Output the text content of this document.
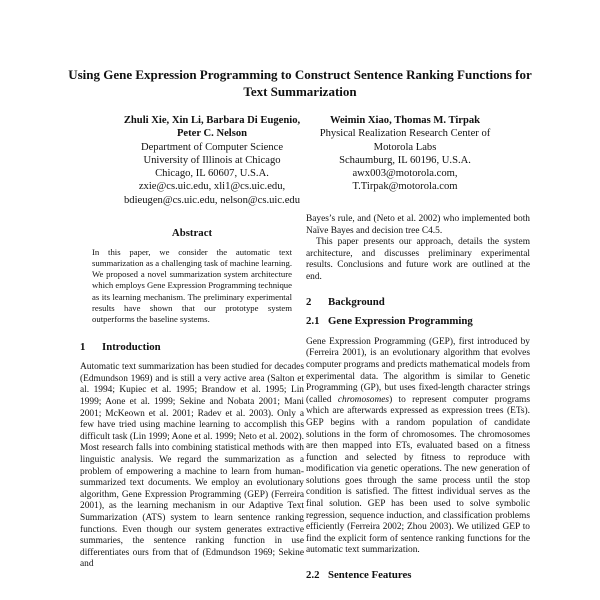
Using Gene Expression Programming to Construct Sentence Ranking Functions for Text Summarization
Zhuli Xie, Xin Li, Barbara Di Eugenio,
Peter C. Nelson
Department of Computer Science
University of Illinois at Chicago
Chicago, IL 60607, U.S.A.
zxie@cs.uic.edu, xli1@cs.uic.edu,
bdieugen@cs.uic.edu, nelson@cs.uic.edu
Weimin Xiao, Thomas M. Tirpak
Physical Realization Research Center of
Motorola Labs
Schaumburg, IL 60196, U.S.A.
awx003@motorola.com,
T.Tirpak@motorola.com
Abstract

In this paper, we consider the automatic text summarization as a challenging task of machine learning. We proposed a novel summarization system architecture which employs Gene Expression Programming technique as its learning mechanism. The preliminary experimental results have shown that our prototype system outperforms the baseline systems.

1 Introduction

Automatic text summarization has been studied for decades (Edmundson 1969) and is still a very active area (Salton et al. 1994; Kupiec et al. 1995; Brandow et al. 1995; Lin 1999; Aone et al. 1999; Sekine and Nobata 2001; Mani 2001; McKeown et al. 2001; Radev et al. 2003). Only a few have tried using machine learning to accomplish this difficult task (Lin 1999; Aone et al. 1999; Neto et al. 2002). Most research falls into combining statistical methods with linguistic analysis. We regard the summarization as a problem of empowering a machine to learn from human-summarized text documents. We employ an evolutionary algorithm, Gene Expression Programming (GEP) (Ferreira 2001), as the learning mechanism in our Adaptive Text Summarization (ATS) system to learn sentence ranking functions. Even though our system generates extractive summaries, the sentence ranking function in use differentiates ours from that of (Edmundson 1969; Sekine and

Bayes’s rule, and (Neto et al. 2002) who implemented both Naïve Bayes and decision tree C4.5.

This paper presents our approach, details the system architecture, and discusses preliminary experimental results. Conclusions and future work are outlined at the end.

2 Background
2.1 Gene Expression Programming

Gene Expression Programming (GEP), first introduced by (Ferreira 2001), is an evolutionary algorithm that evolves computer programs and predicts mathematical models from experimental data. The algorithm is similar to Genetic Programming (GP), but uses fixed-length character strings (called chromosomes) to represent computer programs which are afterwards expressed as expression trees (ETs). GEP begins with a random population of candidate solutions in the form of chromosomes. The chromosomes are then mapped into ETs, evaluated based on a fitness function and selected by fitness to reproduce with modification via genetic operations. The new generation of solutions goes through the same process until the stop condition is satisfied. The fittest individual serves as the final solution. GEP has been used to solve symbolic regression, sequence induction, and classification problems efficiently (Ferreira 2002; Zhou 2003). We utilized GEP to find the explicit form of sentence ranking functions for the automatic text summarization.

2.2 Sentence Features
